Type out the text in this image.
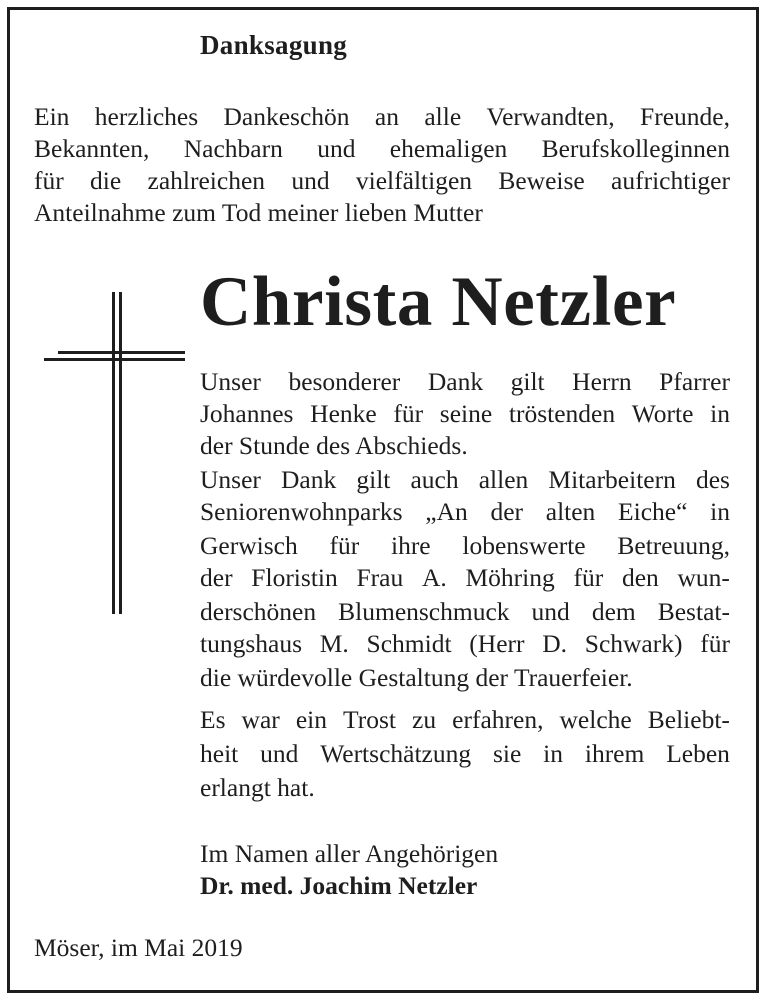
Danksagung
Ein herzliches Dankeschön an alle Verwandten, Freunde,
Bekannten, Nachbarn und ehemaligen Berufskolleginnen
für die zahlreichen und vielfältigen Beweise aufrichtiger
Anteilnahme zum Tod meiner lieben Mutter
Christa Netzler
Unser besonderer Dank gilt Herrn Pfarrer
Johannes Henke für seine tröstenden Worte in
der Stunde des Abschieds.
Unser Dank gilt auch allen Mitarbeitern des
Seniorenwohnparks „An der alten Eiche“ in
Gerwisch für ihre lobenswerte Betreuung,
der Floristin Frau A. Möhring für den wun-
derschönen Blumenschmuck und dem Bestat-
tungshaus M. Schmidt (Herr D. Schwark) für
die würdevolle Gestaltung der Trauerfeier.
Es war ein Trost zu erfahren, welche Beliebt-
heit und Wertschätzung sie in ihrem Leben
erlangt hat.
Im Namen aller Angehörigen
Dr. med. Joachim Netzler
Möser, im Mai 2019
